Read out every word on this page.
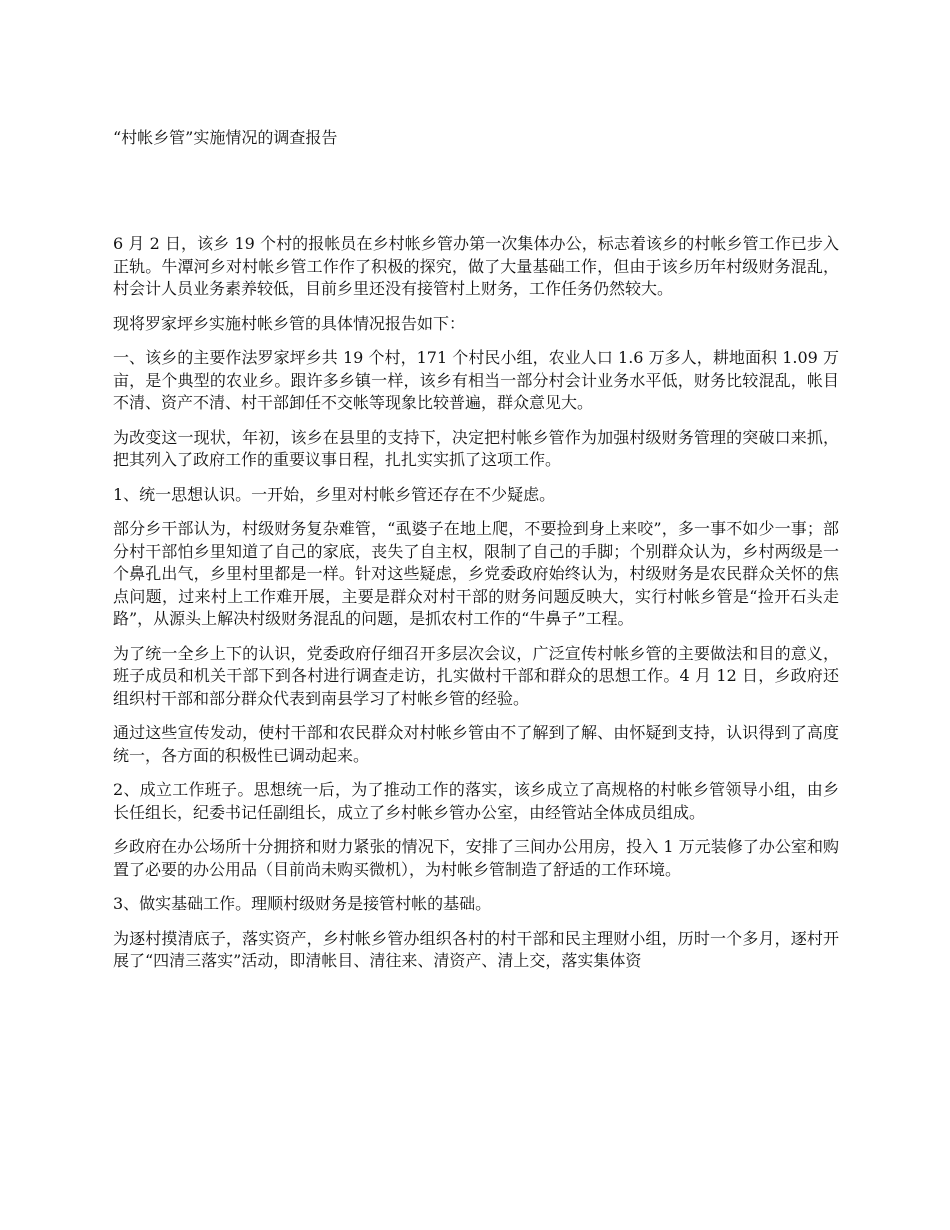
“村帐乡管”实施情况的调查报告

6 月 2 日，该乡 19 个村的报帐员在乡村帐乡管办第一次集体办公，标志着该乡的村帐乡管工作已步入正轨。牛潭河乡对村帐乡管工作作了积极的探究，做了大量基础工作，但由于该乡历年村级财务混乱，村会计人员业务素养较低，目前乡里还没有接管村上财务，工作任务仍然较大。

现将罗家坪乡实施村帐乡管的具体情况报告如下：

一、该乡的主要作法罗家坪乡共 19 个村，171 个村民小组，农业人口 1.6 万多人，耕地面积 1.09 万亩，是个典型的农业乡。跟许多乡镇一样，该乡有相当一部分村会计业务水平低，财务比较混乱，帐目不清、资产不清、村干部卸任不交帐等现象比较普遍，群众意见大。

为改变这一现状，年初，该乡在县里的支持下，决定把村帐乡管作为加强村级财务管理的突破口来抓，把其列入了政府工作的重要议事日程，扎扎实实抓了这项工作。

1、统一思想认识。一开始，乡里对村帐乡管还存在不少疑虑。

部分乡干部认为，村级财务复杂难管，“虱婆子在地上爬，不要捡到身上来咬”，多一事不如少一事；部分村干部怕乡里知道了自己的家底，丧失了自主权，限制了自己的手脚；个别群众认为，乡村两级是一个鼻孔出气，乡里村里都是一样。针对这些疑虑，乡党委政府始终认为，村级财务是农民群众关怀的焦点问题，过来村上工作难开展，主要是群众对村干部的财务问题反映大，实行村帐乡管是“捡开石头走路”，从源头上解决村级财务混乱的问题，是抓农村工作的“牛鼻子”工程。

为了统一全乡上下的认识，党委政府仔细召开多层次会议，广泛宣传村帐乡管的主要做法和目的意义，班子成员和机关干部下到各村进行调查走访，扎实做村干部和群众的思想工作。4 月 12 日，乡政府还组织村干部和部分群众代表到南县学习了村帐乡管的经验。

通过这些宣传发动，使村干部和农民群众对村帐乡管由不了解到了解、由怀疑到支持，认识得到了高度统一，各方面的积极性已调动起来。

2、成立工作班子。思想统一后，为了推动工作的落实，该乡成立了高规格的村帐乡管领导小组，由乡长任组长，纪委书记任副组长，成立了乡村帐乡管办公室，由经管站全体成员组成。

乡政府在办公场所十分拥挤和财力紧张的情况下，安排了三间办公用房，投入 1 万元装修了办公室和购置了必要的办公用品（目前尚未购买微机），为村帐乡管制造了舒适的工作环境。

3、做实基础工作。理顺村级财务是接管村帐的基础。

为逐村摸清底子，落实资产，乡村帐乡管办组织各村的村干部和民主理财小组，历时一个多月，逐村开展了“四清三落实”活动，即清帐目、清往来、清资产、清上交，落实集体资
